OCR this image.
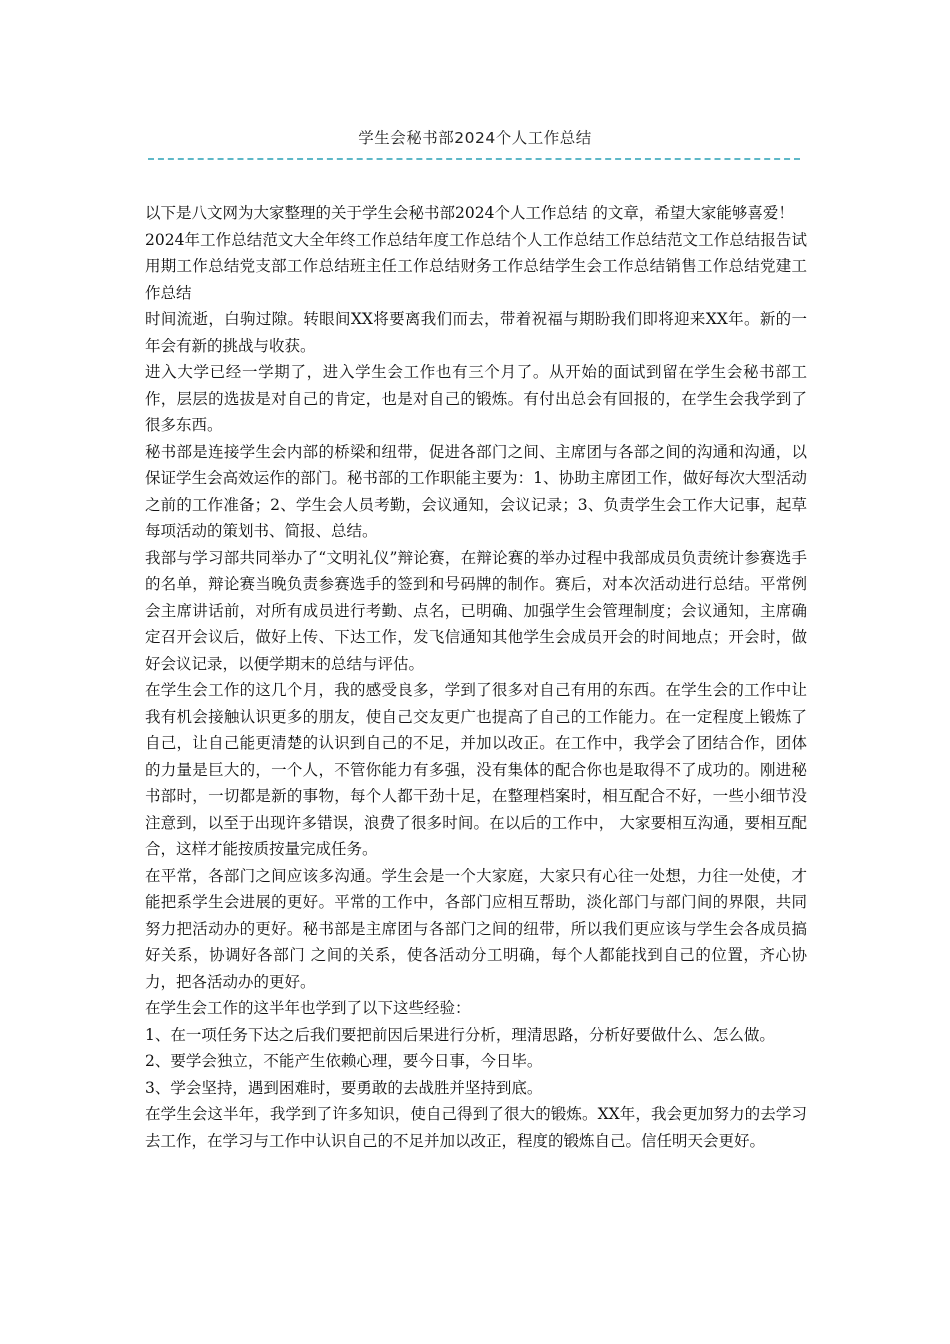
学生会秘书部2024个人工作总结

以下是八文网为大家整理的关于学生会秘书部2024个人工作总结 的文章，希望大家能够喜爱！

2024年工作总结范文大全年终工作总结年度工作总结个人工作总结工作总结范文工作总结报告试用期工作总结党支部工作总结班主任工作总结财务工作总结学生会工作总结销售工作总结党建工作总结

时间流逝，白驹过隙。转眼间XX将要离我们而去，带着祝福与期盼我们即将迎来XX年。新的一年会有新的挑战与收获。

进入大学已经一学期了，进入学生会工作也有三个月了。从开始的面试到留在学生会秘书部工作，层层的选拔是对自己的肯定，也是对自己的锻炼。有付出总会有回报的，在学生会我学到了很多东西。

秘书部是连接学生会内部的桥梁和纽带，促进各部门之间、主席团与各部之间的沟通和沟通，以保证学生会高效运作的部门。秘书部的工作职能主要为：1、协助主席团工作，做好每次大型活动之前的工作准备；2、学生会人员考勤，会议通知，会议记录；3、负责学生会工作大记事，起草每项活动的策划书、简报、总结。

我部与学习部共同举办了“文明礼仪”辩论赛，在辩论赛的举办过程中我部成员负责统计参赛选手的名单，辩论赛当晚负责参赛选手的签到和号码牌的制作。赛后，对本次活动进行总结。平常例会主席讲话前，对所有成员进行考勤、点名，已明确、加强学生会管理制度；会议通知，主席确定召开会议后，做好上传、下达工作，发飞信通知其他学生会成员开会的时间地点；开会时，做好会议记录，以便学期末的总结与评估。

在学生会工作的这几个月，我的感受良多，学到了很多对自己有用的东西。在学生会的工作中让我有机会接触认识更多的朋友，使自己交友更广也提高了自己的工作能力。在一定程度上锻炼了自己，让自己能更清楚的认识到自己的不足，并加以改正。在工作中，我学会了团结合作，团体的力量是巨大的，一个人，不管你能力有多强，没有集体的配合你也是取得不了成功的。刚进秘书部时，一切都是新的事物，每个人都干劲十足，在整理档案时，相互配合不好，一些小细节没注意到，以至于出现许多错误，浪费了很多时间。在以后的工作中， 大家要相互沟通，要相互配合，这样才能按质按量完成任务。

在平常，各部门之间应该多沟通。学生会是一个大家庭，大家只有心往一处想，力往一处使，才能把系学生会进展的更好。平常的工作中，各部门应相互帮助，淡化部门与部门间的界限，共同努力把活动办的更好。秘书部是主席团与各部门之间的纽带，所以我们更应该与学生会各成员搞好关系，协调好各部门 之间的关系，使各活动分工明确，每个人都能找到自己的位置，齐心协力，把各活动办的更好。

在学生会工作的这半年也学到了以下这些经验：

1、在一项任务下达之后我们要把前因后果进行分析，理清思路，分析好要做什么、怎么做。

2、要学会独立，不能产生依赖心理，要今日事，今日毕。

3、学会坚持，遇到困难时，要勇敢的去战胜并坚持到底。

在学生会这半年，我学到了许多知识，使自己得到了很大的锻炼。XX年，我会更加努力的去学习去工作，在学习与工作中认识自己的不足并加以改正，程度的锻炼自己。信任明天会更好。
